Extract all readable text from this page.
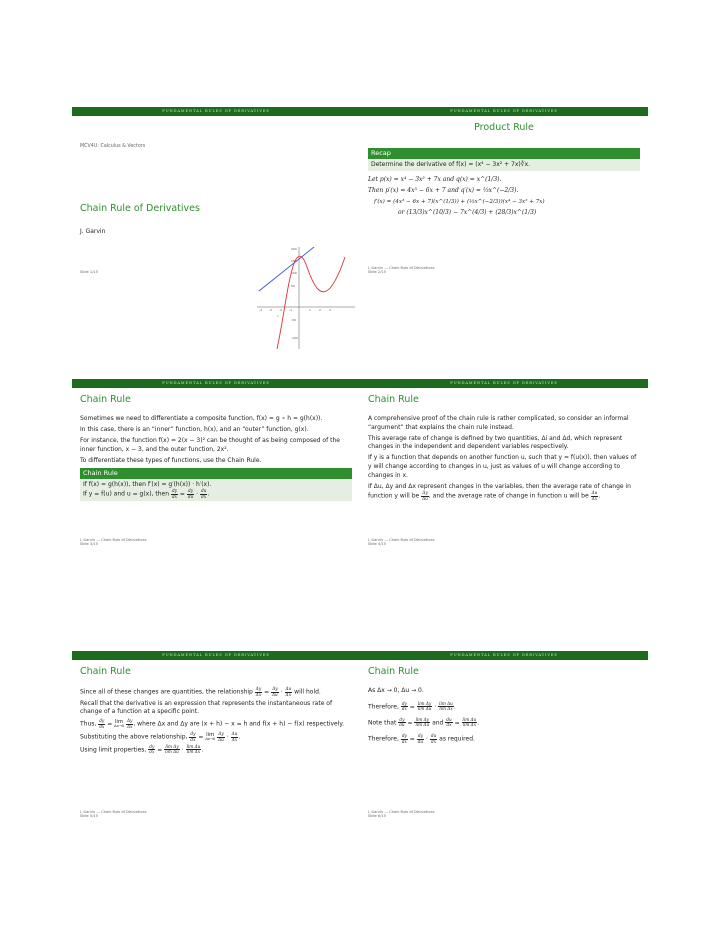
FUNDAMENTAL RULES OF DERIVATIVES
MCV4U: Calculus & Vectors
Chain Rule of Derivatives
J. Garvin
Slide 1/15
-4 -3 -2 -1	1	2	3
200
150
100
50
-50
-100
x
FUNDAMENTAL RULES OF DERIVATIVES
Product Rule
Recap
Determine the derivative of f(x) = (x⁴ − 3x² + 7x)∛x.

Let p(x) = x⁴ − 3x² + 7x and q(x) = x^(1/3).

Then p′(x) = 4x³ − 6x + 7 and q′(x) = ⅓x^(−2/3).

f′(x) = (4x³ − 6x + 7)(x^(1/3)) + (⅓x^(−2/3))(x⁴ − 3x² + 7x)

or (13/3)x^(10/3) − 7x^(4/3) + (28/3)x^(1/3)

J. Garvin — Chain Rule of Derivatives
Slide 2/15
FUNDAMENTAL RULES OF DERIVATIVES
Chain Rule

Sometimes we need to differentiate a composite function, f(x) = g ∘ h = g(h(x)).

In this case, there is an “inner” function, h(x), and an “outer” function, g(x).

For instance, the function f(x) = 2(x − 3)² can be thought of as being composed of the inner function, x − 3, and the outer function, 2x².

To differentiate these types of functions, use the Chain Rule.

Chain Rule
If f(x) = g(h(x)), then f′(x) = g′(h(x)) · h′(x).
If y = f(u) and u = g(x), then $\frac{dy}{dx} = \frac{dy}{du} \cdot \frac{du}{dx}$ .
J. Garvin — Chain Rule of Derivatives
Slide 3/15
FUNDAMENTAL RULES OF DERIVATIVES
Chain Rule

A comprehensive proof of the chain rule is rather complicated, so consider an informal “argument” that explains the chain rule instead.

This average rate of change is defined by two quantities, Δi and Δd, which represent changes in the independent and dependent variables respectively.

If y is a function that depends on another function u, such that y = f(u(x)), then values of y will change according to changes in u, just as values of u will change according to changes in x.

If Δu, Δy and Δx represent changes in the variables, then the average rate of change in function y will be $\frac{\Delta y}{\Delta u}$ , and the average rate of change in function u will be $\frac{\Delta u}{\Delta x}$ .

J. Garvin — Chain Rule of Derivatives
Slide 4/15
FUNDAMENTAL RULES OF DERIVATIVES
Chain Rule

Since all of these changes are quantities, the relationship $\frac{\Delta y}{\Delta x} = \frac{\Delta y}{\Delta u} \cdot \frac{\Delta u}{\Delta x}$ will hold.

Recall that the derivative is an expression that represents the instantaneous rate of change of a function at a specific point.

Thus, $\frac{dy}{dx} = \lim$
Δx→0
$\frac{\Delta y}{\Delta x}$ , where Δx and Δy are (x + h) − x = h and f(x + h) − f(x) respectively.

Substituting the above relationship, $\frac{dy}{dx} = \lim$
Δx→0
$\frac{\Delta y}{\Delta u} \cdot \frac{\Delta u}{\Delta x}$ .

Using limit properties, $\frac{dy}{dx} = \frac{\text{lim Δy}}{\text{lim Δu}} \cdot \frac{\text{lim Δu}}{\text{lim Δx}}$ .

J. Garvin — Chain Rule of Derivatives
Slide 5/15
FUNDAMENTAL RULES OF DERIVATIVES
Chain Rule

As Δx → 0, Δu → 0.

Therefore, $\frac{dy}{dx} = \frac{\text{lim Δy}}{\text{lim Δu}} \cdot \frac{\text{lim Δu}}{\text{lim Δx}}$ .

Note that $\frac{dy}{du} = \frac{\text{lim Δy}}{\text{lim Δu}}$ and $\frac{du}{dx} = \frac{\text{lim Δu}}{\text{lim Δx}}$ .

Therefore, $\frac{dy}{dx} = \frac{dy}{du} \cdot \frac{du}{dx}$ as required.

J. Garvin — Chain Rule of Derivatives
Slide 6/15
